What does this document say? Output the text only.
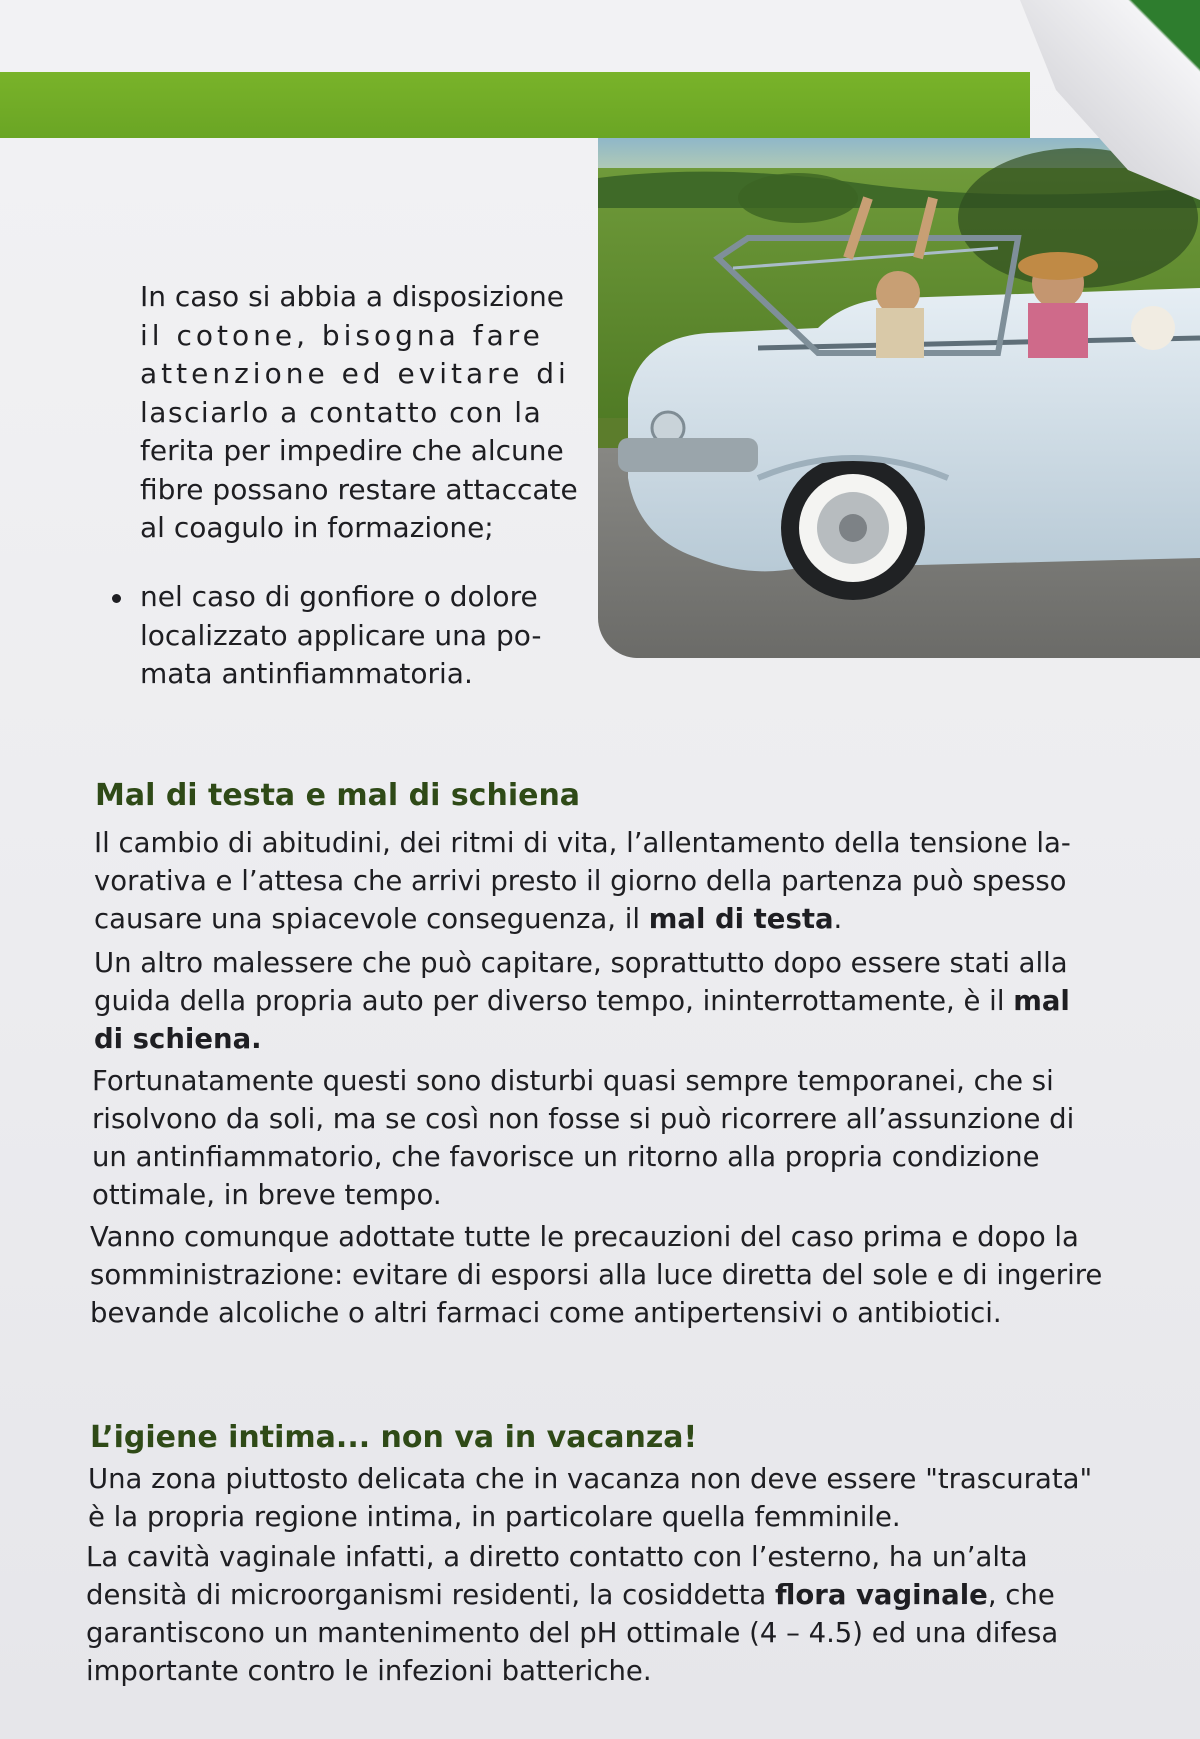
In caso si abbia a disposizione
il cotone, bisogna fare
attenzione ed evitare di
lasciarlo a contatto con la
ferita per impedire che alcune
fibre possano restare attaccate
al coagulo in formazione;

nel caso di gonfiore o dolore
localizzato applicare una po-
mata antinfiammatoria.
Mal di testa e mal di schiena

Il cambio di abitudini, dei ritmi di vita, l’allentamento della tensione la-
vorativa e l’attesa che arrivi presto il giorno della partenza può spesso
causare una spiacevole conseguenza, il mal di testa.

Un altro malessere che può capitare, soprattutto dopo essere stati alla
guida della propria auto per diverso tempo, ininterrottamente, è il mal
di schiena.

Fortunatamente questi sono disturbi quasi sempre temporanei, che si
risolvono da soli, ma se così non fosse si può ricorrere all’assunzione di
un antinfiammatorio, che favorisce un ritorno alla propria condizione
ottimale, in breve tempo.

Vanno comunque adottate tutte le precauzioni del caso prima e dopo la
somministrazione: evitare di esporsi alla luce diretta del sole e di ingerire
bevande alcoliche o altri farmaci come antipertensivi o antibiotici.

L’igiene intima... non va in vacanza!

Una zona piuttosto delicata che in vacanza non deve essere "trascurata"
è la propria regione intima, in particolare quella femminile.

La cavità vaginale infatti, a diretto contatto con l’esterno, ha un’alta
densità di microorganismi residenti, la cosiddetta flora vaginale, che
garantiscono un mantenimento del pH ottimale (4 – 4.5) ed una difesa
importante contro le infezioni batteriche.
